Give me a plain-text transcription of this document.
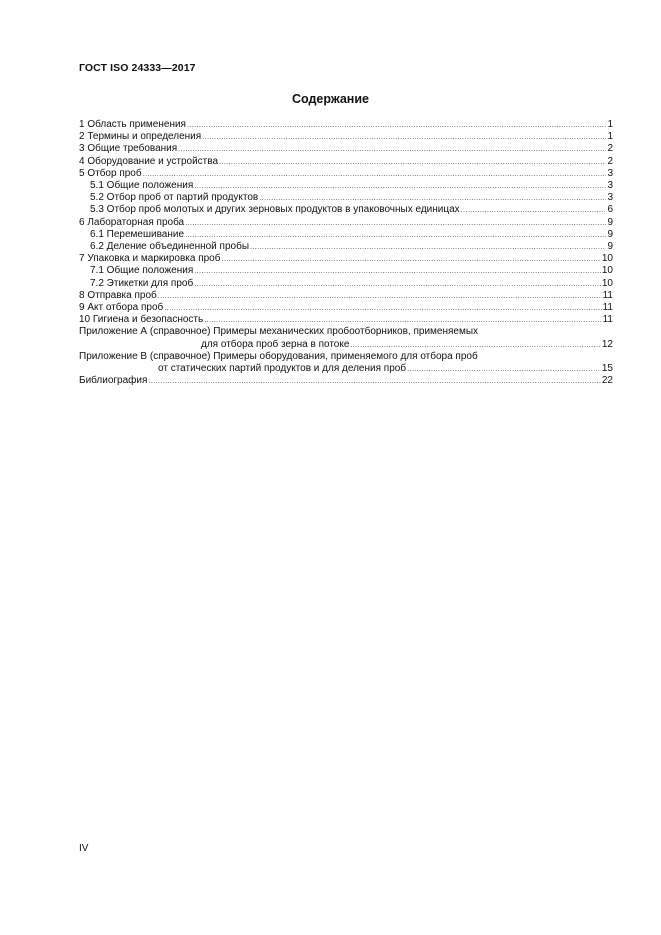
ГОСТ ISO 24333—2017
Содержание
1 Область применения .....	1
2 Термины и определения .....	1
3 Общие требования .....	2
4 Оборудование и устройства .....	2
5 Отбор проб .....	3
5.1 Общие положения .....	3
5.2 Отбор проб от партий продуктов .....	3
5.3 Отбор проб молотых и других зерновых продуктов в упаковочных единицах .....	6
6 Лабораторная проба .....	9
6.1 Перемешивание .....	9
6.2 Деление объединенной пробы .....	9
7 Упаковка и маркировка проб .....	10
7.1 Общие положения .....	10
7.2 Этикетки для проб .....	10
8 Отправка проб .....	11
9 Акт отбора проб .....	11
10 Гигиена и безопасность .....	11
Приложение А (справочное) Примеры механических пробоотборников, применяемых
для отбора проб зерна в потоке .....	12
Приложение В (справочное) Примеры оборудования, применяемого для отбора проб
от статических партий продуктов и для деления проб .....	15
Библиография .....	22
IV
